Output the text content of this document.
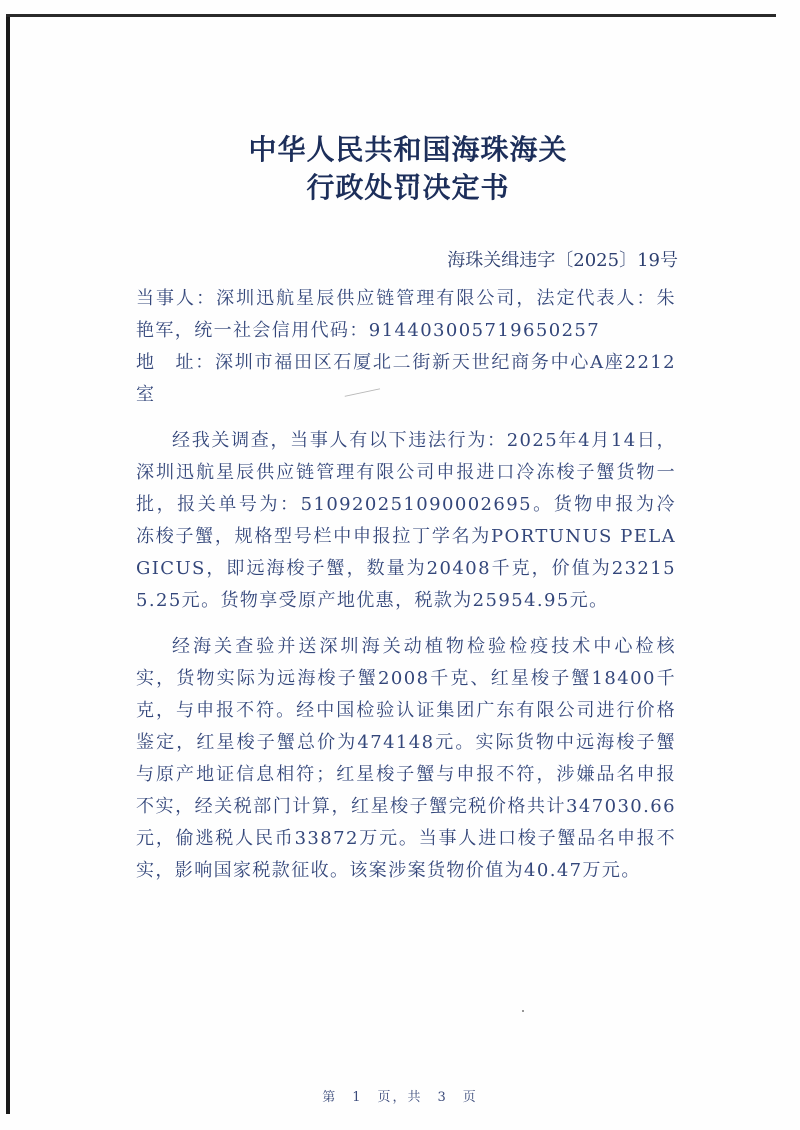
中华人民共和国海珠海关
行政处罚决定书
海珠关缉违字〔2025〕19号

当事人：深圳迅航星辰供应链管理有限公司，法定代表人：朱艳军，统一社会信用代码：914403005719650257

地　址：深圳市福田区石厦北二街新天世纪商务中心A座2212室

经我关调查，当事人有以下违法行为：2025年4月14日，深圳迅航星辰供应链管理有限公司申报进口冷冻梭子蟹货物一批，报关单号为：510920251090002695。货物申报为冷冻梭子蟹，规格型号栏中申报拉丁学名为PORTUNUS PELAGICUS，即远海梭子蟹，数量为20408千克，价值为232155.25元。货物享受原产地优惠，税款为25954.95元。

经海关查验并送深圳海关动植物检验检疫技术中心检核实，货物实际为远海梭子蟹2008千克、红星梭子蟹18400千克，与申报不符。经中国检验认证集团广东有限公司进行价格鉴定，红星梭子蟹总价为474148元。实际货物中远海梭子蟹与原产地证信息相符；红星梭子蟹与申报不符，涉嫌品名申报不实，经关税部门计算，红星梭子蟹完税价格共计347030.66元，偷逃税人民币33872万元。当事人进口梭子蟹品名申报不实，影响国家税款征收。该案涉案货物价值为40.47万元。

第　1　页，共　3　页
